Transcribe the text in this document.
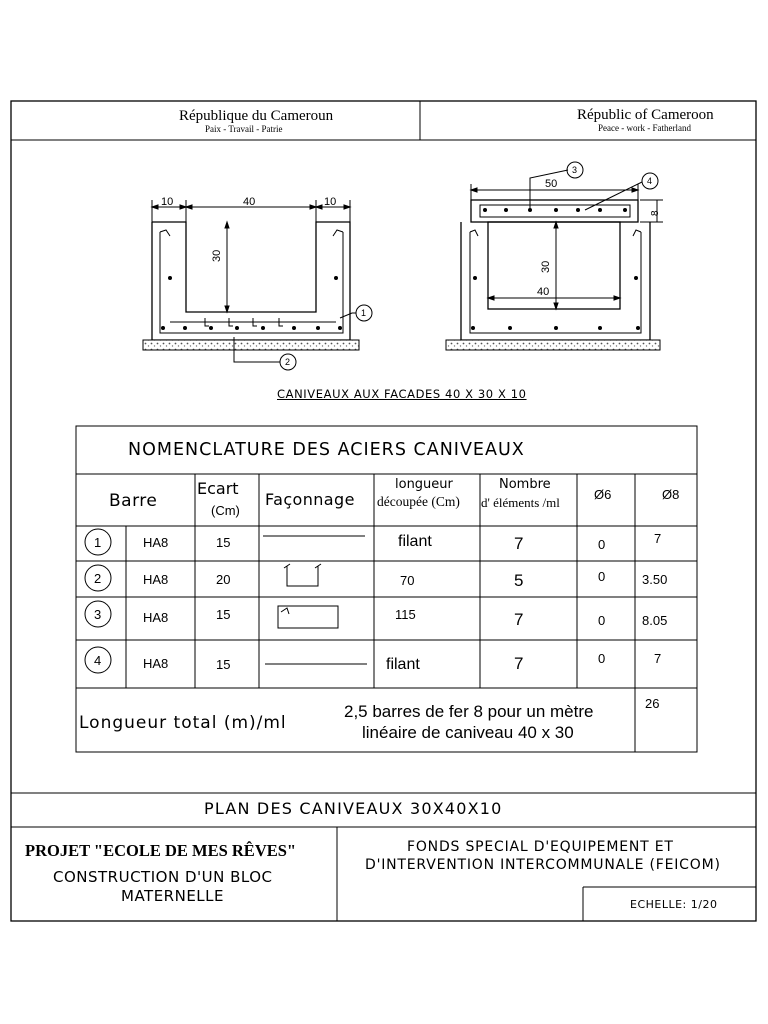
République du Cameroun
Paix - Travail - Patrie
Républic of Cameroon
Peace - work - Fatherland
10	40	10
30
50
8
30
40
1
2
3
4
CANIVEAUX AUX FACADES 40 X 30 X 10
NOMENCLATURE DES ACIERS CANIVEAUX
Barre
Ecart
(Cm)
Façonnage
longueur
découpée (Cm)
Nombre
d' éléments /ml
Ø6	Ø8
1	HA8	15	filant	7	0	7
2	HA8	20	70	5	0	3.50
3	HA8	15	115	7	0	8.05
4	HA8	15	filant	7	0	7
Longueur total (m)/ml
2,5 barres de fer 8 pour un mètre
linéaire de caniveau 40 x 30
26
PLAN DES CANIVEAUX 30X40X10
PROJET "ECOLE DE MES RÊVES"
CONSTRUCTION D'UN BLOC
MATERNELLE
FONDS SPECIAL D'EQUIPEMENT ET
D'INTERVENTION INTERCOMMUNALE (FEICOM)
ECHELLE: 1/20
